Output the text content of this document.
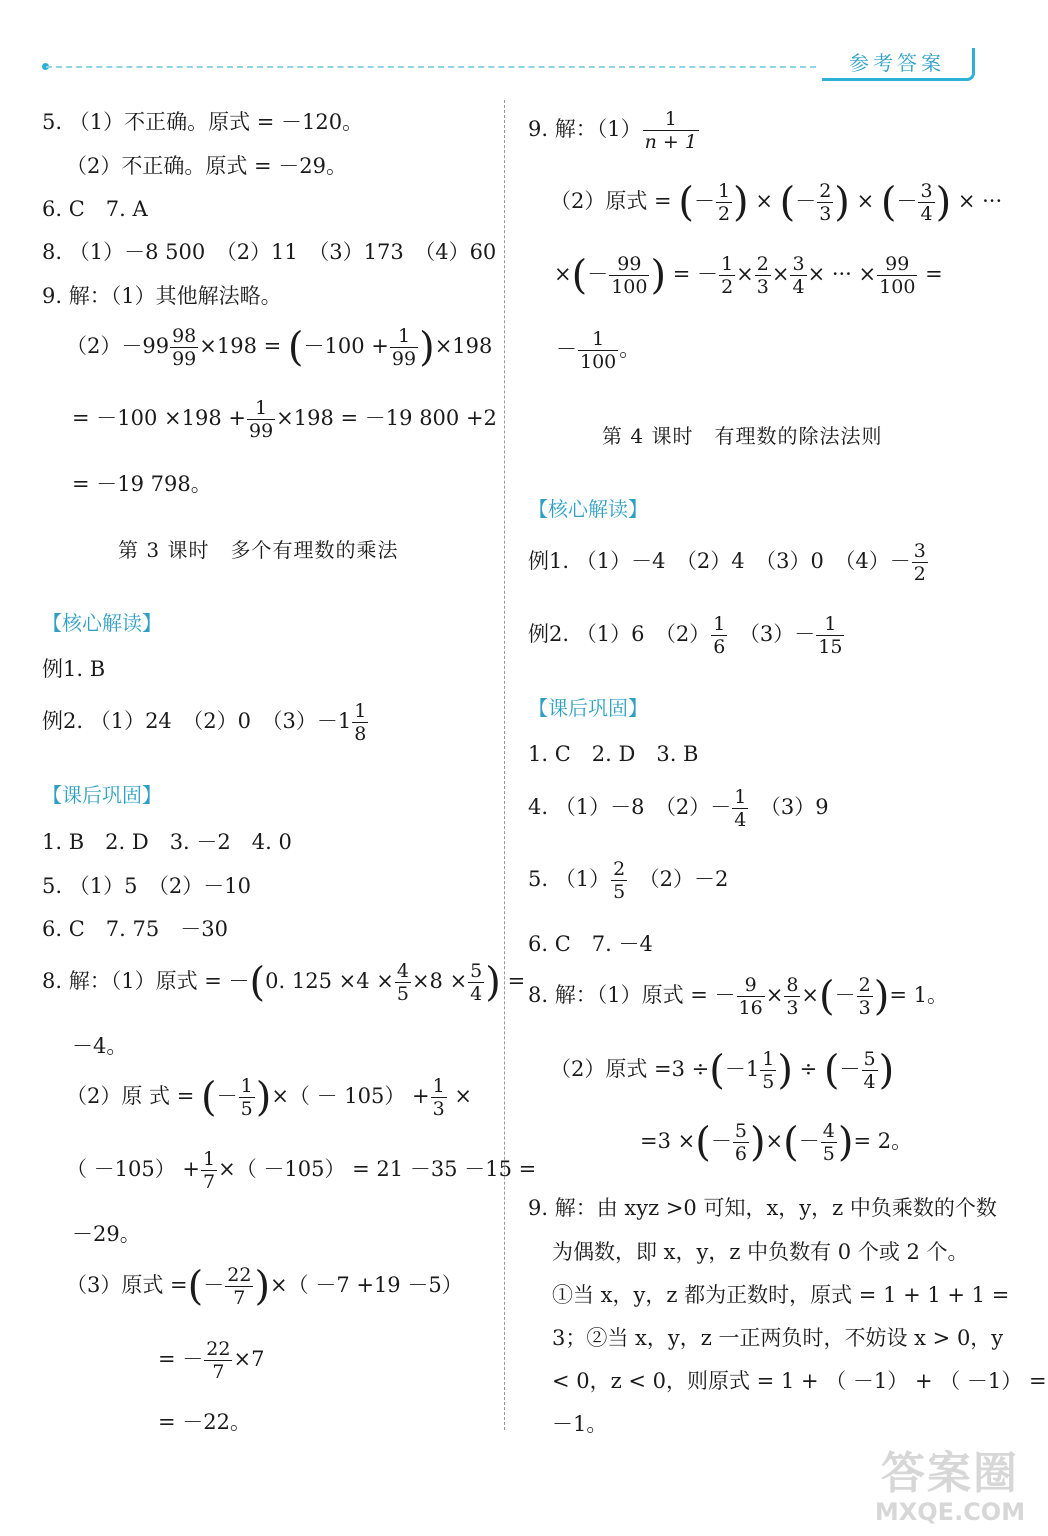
参考答案
5. （1）不正确。原式 = －120。
（2）不正确。原式 = －29。
6. C　7. A
8. （1）－8 500　（2）11　（3）173　（4）60
9. 解：（1）其他解法略。
$(2)-99 \frac{98}{99} \times 198 = (-100 + \frac{1}{99} )\times 198$
= $-100 \times 198 + \frac{1}{99} \times 198 = -19$ 800 +2
= －19 798。
第 3 课时　多个有理数的乘法
【核心解读】
例1. B
例2. （1）24　（2）0　$(3)-1 \frac{1}{8}$
【课后巩固】
1. B　2. D　3. －2　4. 0
5. （1）5　（2）－10
6. C　7. 75　－30
8. 解：（1）原式 = －(0. $125 \times 4 \times \frac{4}{5} \times 8 \times \frac{5}{4}$ ) =
－4。
（2）原 式 = (－ $\frac{1}{5}$ )×（ － $105) + \frac{1}{3}$ ×
（ $-105) + \frac{1}{7}$ ×（ －105） = 21 －35 －15 =
－29。
（3）原式 =(－ $\frac{22}{7}$ )×（ －7 +19 －5）
= － $\frac{22}{7} \times 7$
= －22。
9. 解：$(1) \frac{1}{n + 1}$
（2）原式 = (－ $\frac{1}{2}$ ) × (－ $\frac{2}{3}$ ) × (－ $\frac{3}{4}$ ) × ···
×(－ $\frac{99}{100}$ ) = － $\frac{1}{2} \times \frac{2}{3} \times \frac{3}{4}$ × ··· × $\frac{99}{100}$ =
－ $\frac{1}{100}$ 。
第 4 课时　有理数的除法法则
【核心解读】
例1. （1）－4　（2）4　（3）0　$(4)- \frac{3}{2}$
例2. （1）6　$(2) \frac{1}{6}$ 　$(3)- \frac{1}{15}$
【课后巩固】
1. C　2. D　3. B
4. （1）－8　$(2)- \frac{1}{4}$ 　（3）9
5. $(1) \frac{2}{5}$ 　（2）－2
6. C　7. －4
8. 解：（1）原式 = － $\frac{9}{16} \times \frac{8}{3}$ ×(－ $\frac{2}{3}$ )= 1。
（2）原式 $=3 \div(-1 \frac{1}{5}$ ) ÷ (－ $\frac{5}{4}$ )
=3 ×(－ $\frac{5}{6}$ )×(－ $\frac{4}{5}$ )= 2。
9. 解：由 xyz >0 可知，x，y，z 中负乘数的个数
为偶数，即 x，y，z 中负数有 0 个或 2 个。
①当 x，y，z 都为正数时，原式 = 1 + 1 + 1 =
3；②当 x，y，z 一正两负时，不妨设 x > 0，y
< 0，z < 0，则原式 = 1 + （ －1） + （ －1） =
－1。
答案圈
MXQE.COM
